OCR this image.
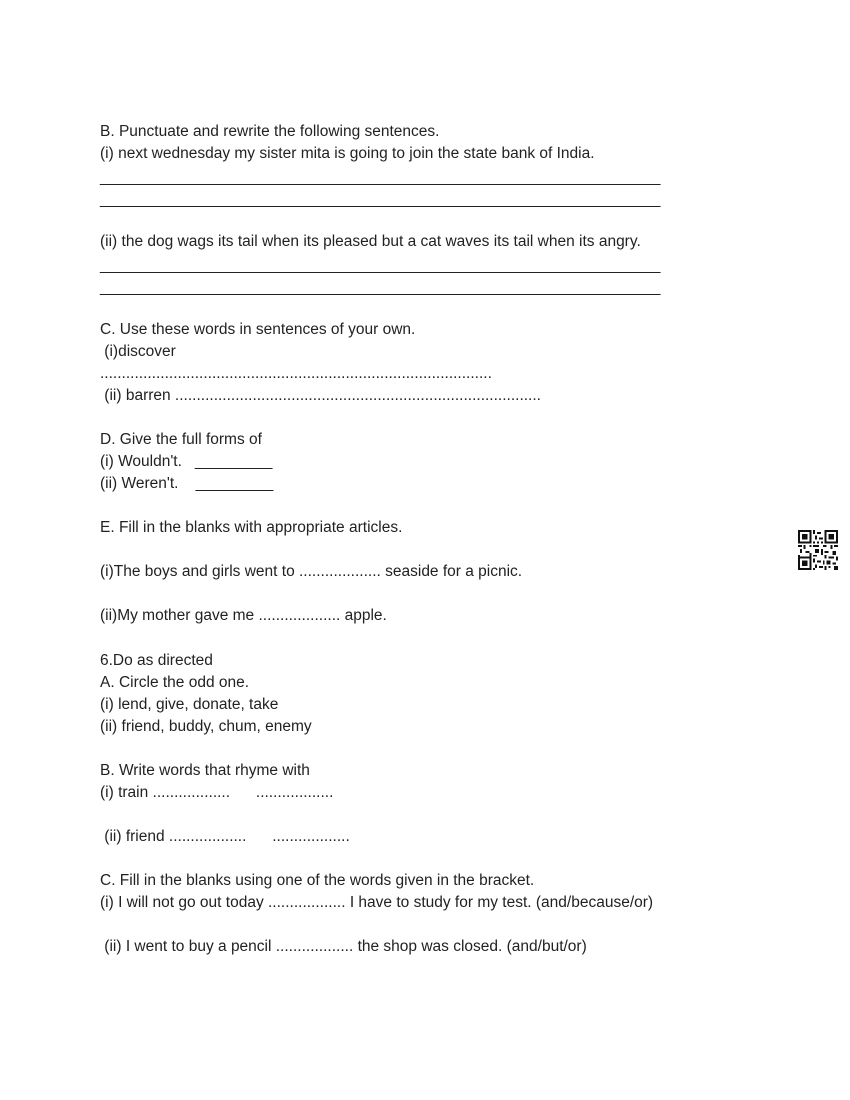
B. Punctuate and rewrite the following sentences.
(i) next wednesday my sister mita is going to join the state bank of India.
_________________________________________________________________
_________________________________________________________________
(ii) the dog wags its tail when its pleased but a cat waves its tail when its angry.
_________________________________________________________________
_________________________________________________________________
C. Use these words in sentences of your own.
(i)discover
...........................................................................................
(ii) barren .....................................................................................
D. Give the full forms of
(i) Wouldn't.   _________
(ii) Weren't.    _________
E. Fill in the blanks with appropriate articles.
(i)The boys and girls went to ................... seaside for a picnic.
(ii)My mother gave me ................... apple.
6.Do as directed
A. Circle the odd one.
(i) lend, give, donate, take
(ii) friend, buddy, chum, enemy
B. Write words that rhyme with
(i) train ..................      ..................
(ii) friend ..................      ..................
C. Fill in the blanks using one of the words given in the bracket.
(i) I will not go out today .................. I have to study for my test. (and/because/or)
(ii) I went to buy a pencil .................. the shop was closed. (and/but/or)
